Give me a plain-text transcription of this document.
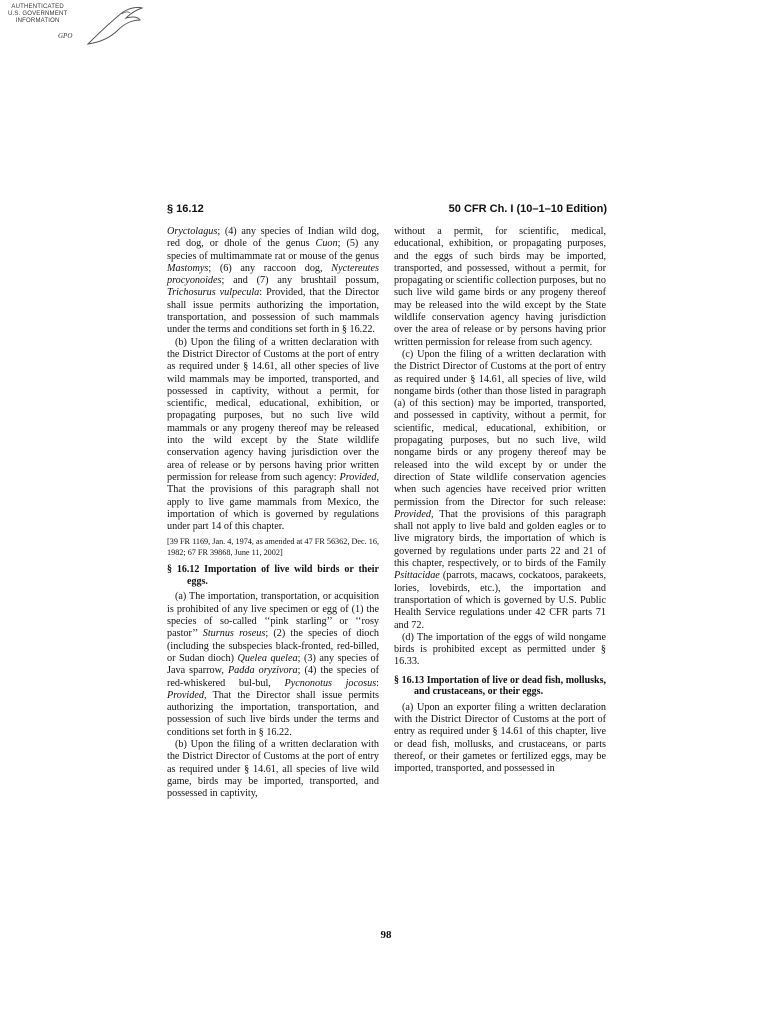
AUTHENTICATED
U.S. GOVERNMENT
INFORMATION
GPO
§ 16.12	50 CFR Ch. I (10–1–10 Edition)

Oryctolagus; (4) any species of Indian wild dog, red dog, or dhole of the genus Cuon; (5) any species of multimammate rat or mouse of the genus Mastomys; (6) any raccoon dog, Nyctereutes procyonoides; and (7) any brushtail possum, Trichosurus vulpecula: Provided, that the Director shall issue permits authorizing the importation, transportation, and possession of such mammals under the terms and conditions set forth in § 16.22.

(b) Upon the filing of a written declaration with the District Director of Customs at the port of entry as required under § 14.61, all other species of live wild mammals may be imported, transported, and possessed in captivity, without a permit, for scientific, medical, educational, exhibition, or propagating purposes, but no such live wild mammals or any progeny thereof may be released into the wild except by the State wildlife conservation agency having jurisdiction over the area of release or by persons having prior written permission for release from such agency: Provided, That the provisions of this paragraph shall not apply to live game mammals from Mexico, the importation of which is governed by regulations under part 14 of this chapter.

[39 FR 1169, Jan. 4, 1974, as amended at 47 FR 56362, Dec. 16, 1982; 67 FR 39868, June 11, 2002]

§ 16.12 Importation of live wild birds or their eggs.

(a) The importation, transportation, or acquisition is prohibited of any live specimen or egg of (1) the species of so-called ‘‘pink starling’’ or ‘‘rosy pastor’’ Sturnus roseus; (2) the species of dioch (including the subspecies black-fronted, red-billed, or Sudan dioch) Quelea quelea; (3) any species of Java sparrow, Padda oryzivora; (4) the species of red-whiskered bul-bul, Pycnonotus jocosus: Provided, That the Director shall issue permits authorizing the importation, transportation, and possession of such live birds under the terms and conditions set forth in § 16.22.

(b) Upon the filing of a written declaration with the District Director of Customs at the port of entry as required under § 14.61, all species of live wild game, birds may be imported, transported, and possessed in captivity,

without a permit, for scientific, medical, educational, exhibition, or propagating purposes, and the eggs of such birds may be imported, transported, and possessed, without a permit, for propagating or scientific collection purposes, but no such live wild game birds or any progeny thereof may be released into the wild except by the State wildlife conservation agency having jurisdiction over the area of release or by persons having prior written permission for release from such agency.

(c) Upon the filing of a written declaration with the District Director of Customs at the port of entry as required under § 14.61, all species of live, wild nongame birds (other than those listed in paragraph (a) of this section) may be imported, transported, and possessed in captivity, without a permit, for scientific, medical, educational, exhibition, or propagating purposes, but no such live, wild nongame birds or any progeny thereof may be released into the wild except by or under the direction of State wildlife conservation agencies when such agencies have received prior written permission from the Director for such release: Provided, That the provisions of this paragraph shall not apply to live bald and golden eagles or to live migratory birds, the importation of which is governed by regulations under parts 22 and 21 of this chapter, respectively, or to birds of the Family Psittacidae (parrots, macaws, cockatoos, parakeets, lories, lovebirds, etc.), the importation and transportation of which is governed by U.S. Public Health Service regulations under 42 CFR parts 71 and 72.

(d) The importation of the eggs of wild nongame birds is prohibited except as permitted under § 16.33.

§ 16.13 Importation of live or dead fish, mollusks, and crustaceans, or their eggs.

(a) Upon an exporter filing a written declaration with the District Director of Customs at the port of entry as required under § 14.61 of this chapter, live or dead fish, mollusks, and crustaceans, or parts thereof, or their gametes or fertilized eggs, may be imported, transported, and possessed in

98
